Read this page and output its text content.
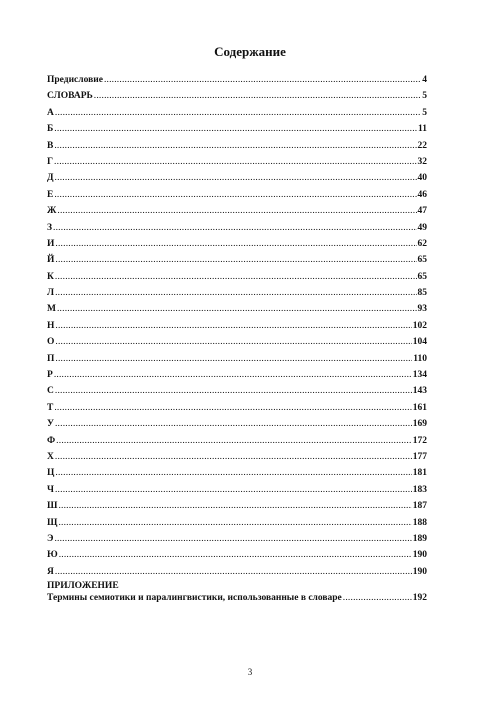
Содержание
Предисловие .....	4
СЛОВАРЬ .....	5
А .....	5
Б .....	11
В .....	22
Г .....	32
Д .....	40
Е .....	46
Ж .....	47
З .....	49
И .....	62
Й .....	65
К .....	65
Л .....	85
М .....	93
Н .....	102
О .....	104
П .....	110
Р .....	134
С .....	143
Т .....	161
У .....	169
Ф .....	172
Х .....	177
Ц .....	181
Ч .....	183
Ш .....	187
Щ .....	188
Э .....	189
Ю .....	190
Я .....	190
ПРИЛОЖЕНИЕ
Термины семиотики и паралингвистики, использованные в словаре .....	192
3
